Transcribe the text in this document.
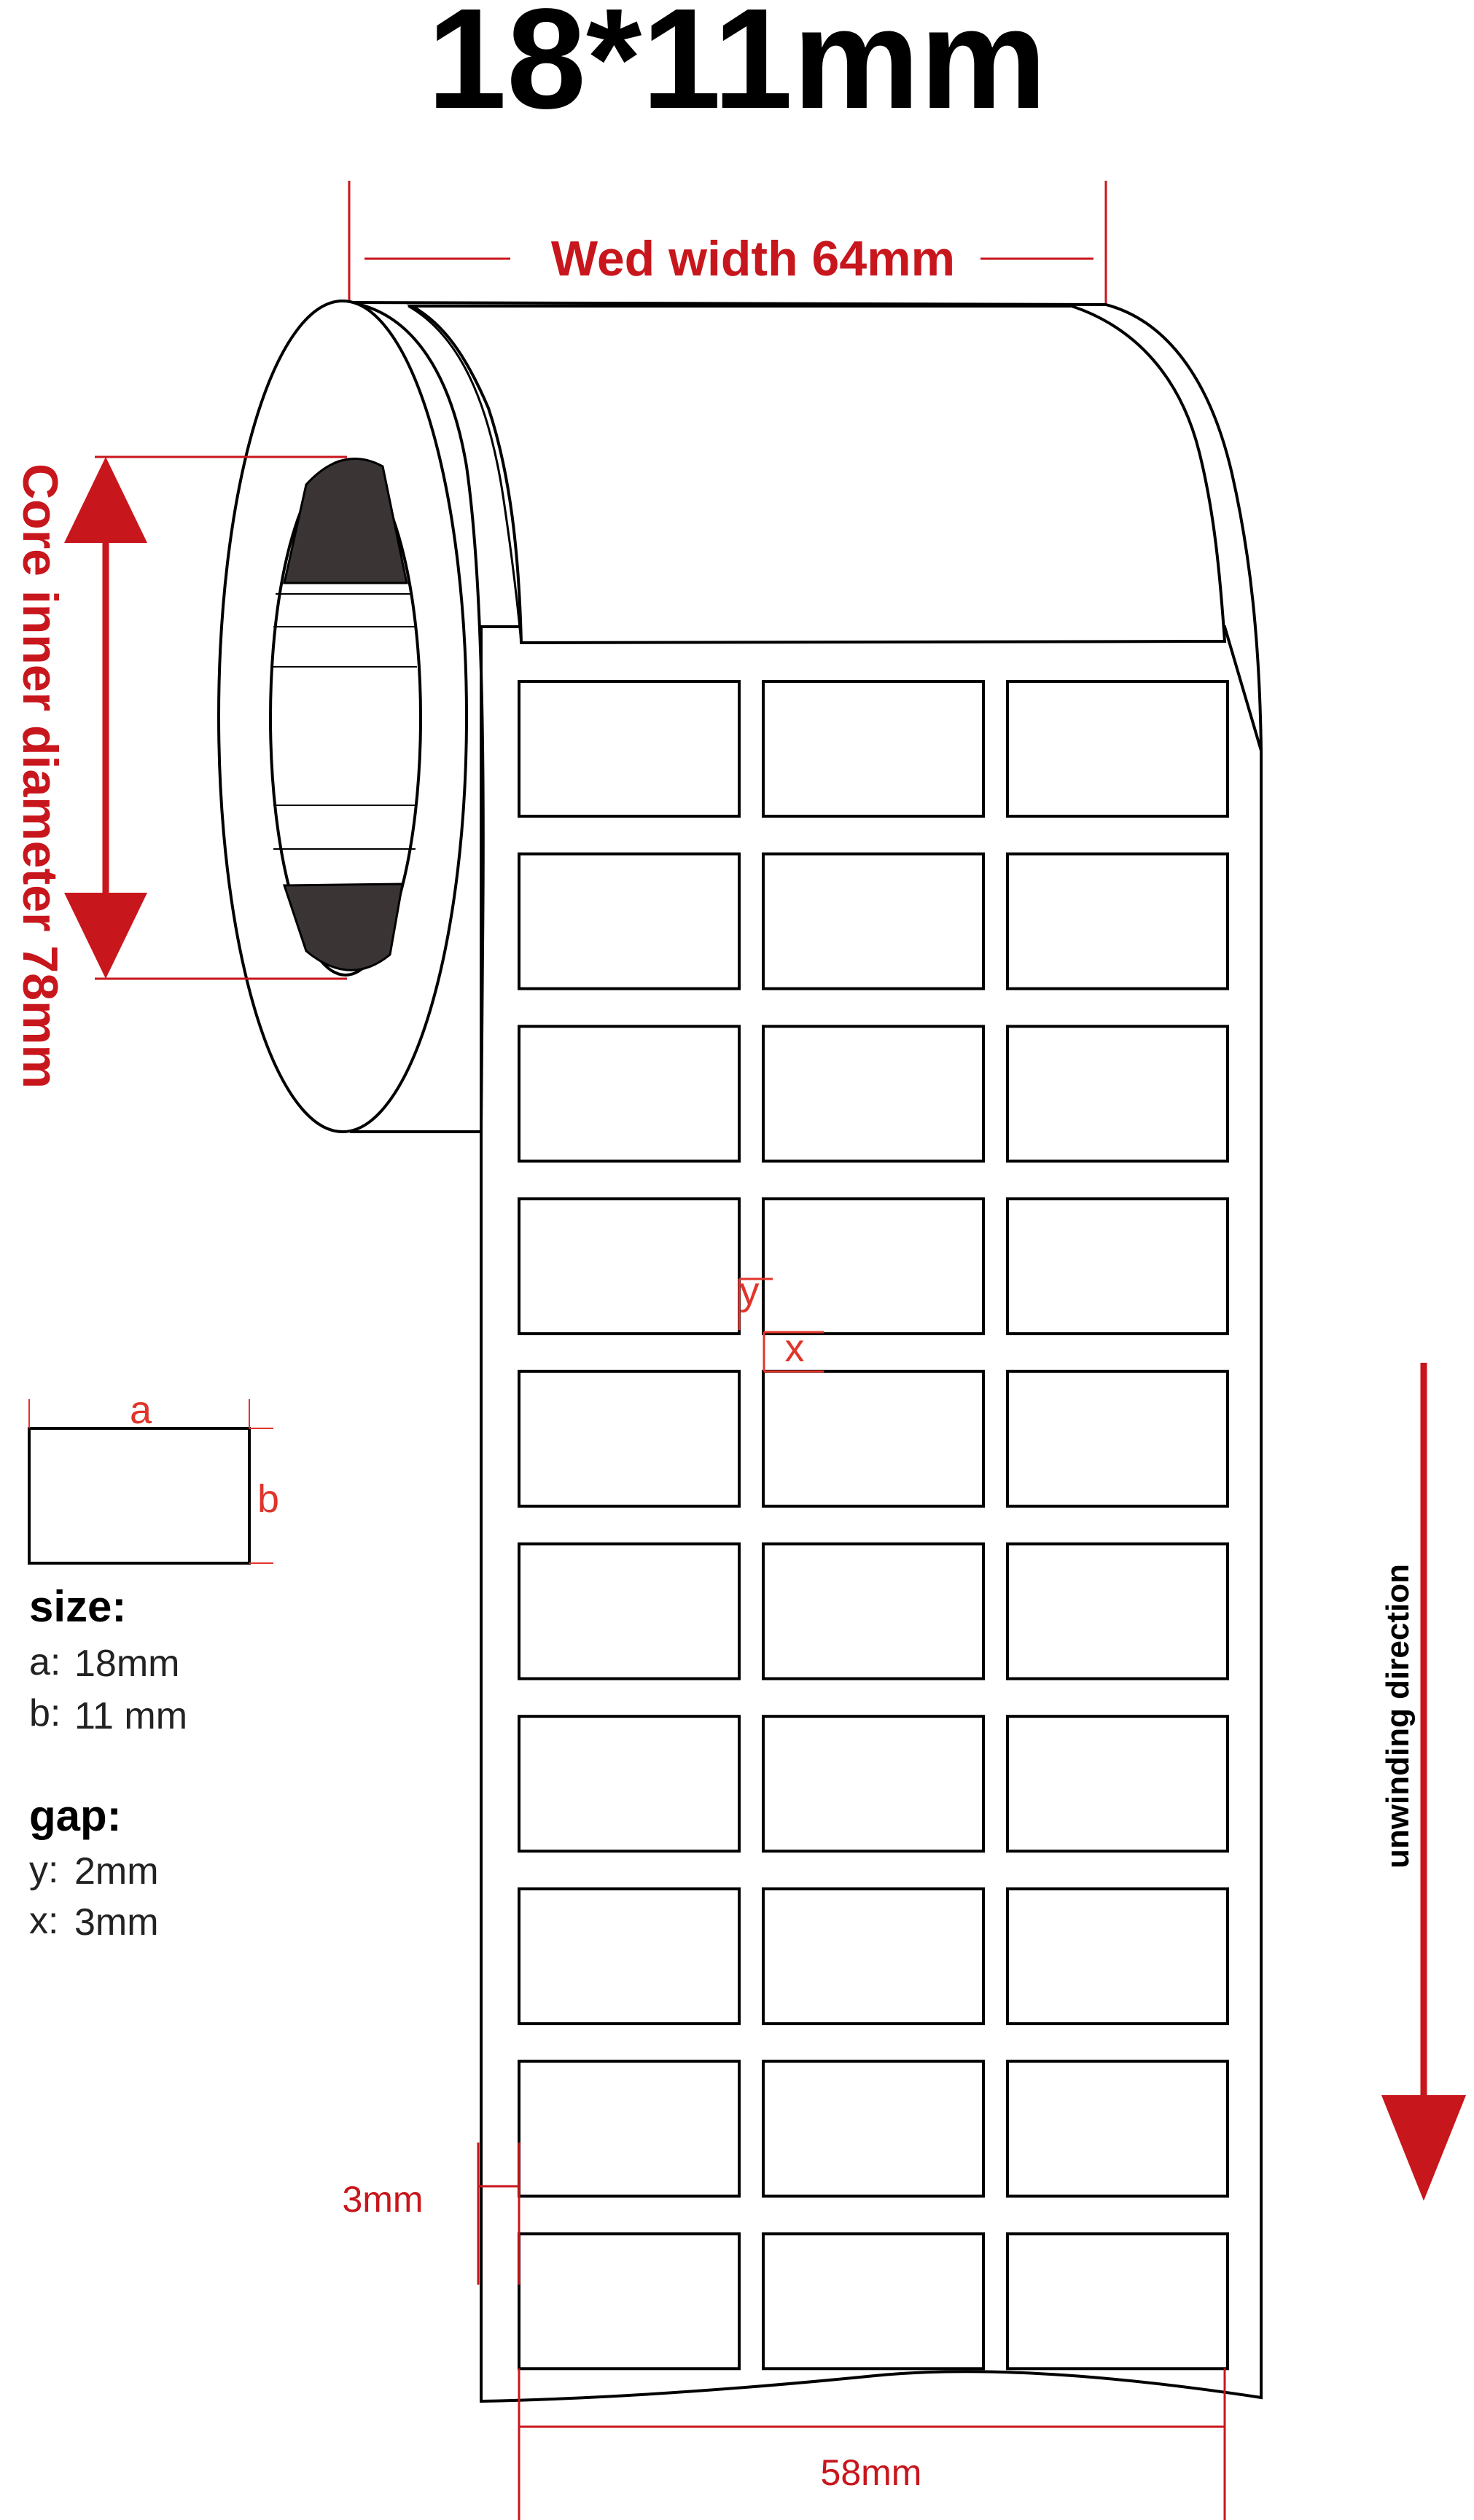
18*11mm
Wed width 64mm
Core inner diameter 78mm
y
x
3mm
58mm
unwinding direction
a
b
size:
a: 18mm
b: 11 mm
gap:
y: 2mm
x: 3mm
